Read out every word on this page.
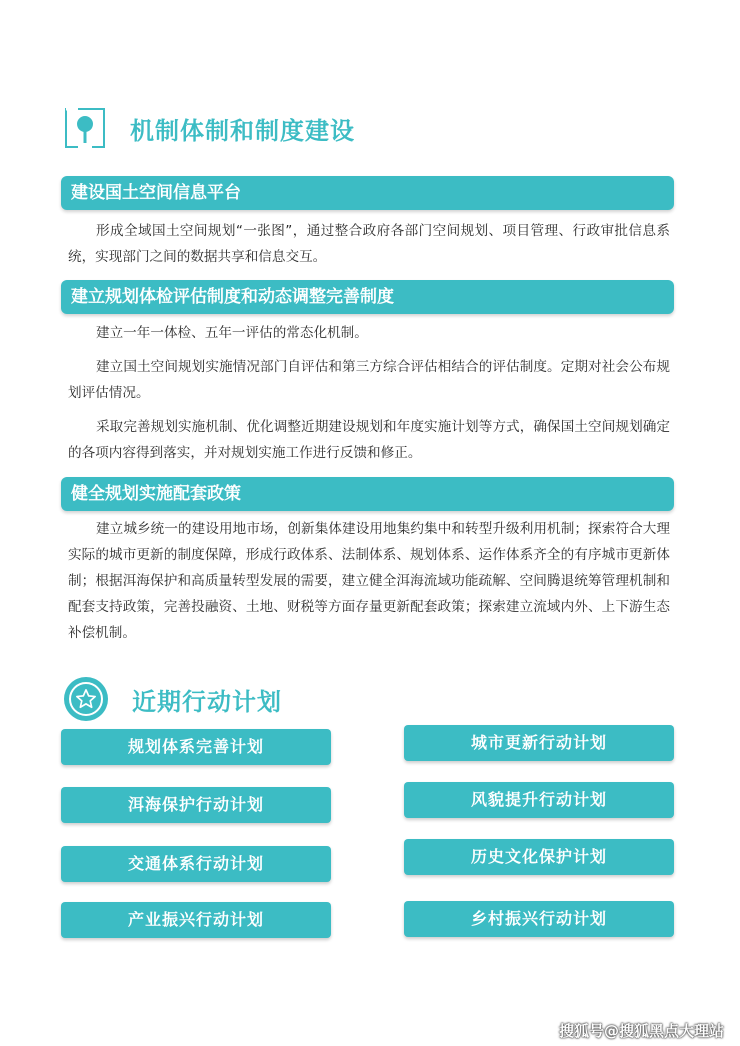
机制体制和制度建设
建设国土空间信息平台

形成全域国土空间规划“一张图”，通过整合政府各部门空间规划、项目管理、行政审批信息系统，实现部门之间的数据共享和信息交互。

建立规划体检评估制度和动态调整完善制度

建立一年一体检、五年一评估的常态化机制。

建立国土空间规划实施情况部门自评估和第三方综合评估相结合的评估制度。定期对社会公布规划评估情况。

采取完善规划实施机制、优化调整近期建设规划和年度实施计划等方式，确保国土空间规划确定的各项内容得到落实，并对规划实施工作进行反馈和修正。

健全规划实施配套政策

建立城乡统一的建设用地市场，创新集体建设用地集约集中和转型升级利用机制；探索符合大理实际的城市更新的制度保障，形成行政体系、法制体系、规划体系、运作体系齐全的有序城市更新体制；根据洱海保护和高质量转型发展的需要，建立健全洱海流域功能疏解、空间腾退统筹管理机制和配套支持政策，完善投融资、土地、财税等方面存量更新配套政策；探索建立流域内外、上下游生态补偿机制。

近期行动计划
规划体系完善计划
洱海保护行动计划
交通体系行动计划
产业振兴行动计划
城市更新行动计划
风貌提升行动计划
历史文化保护计划
乡村振兴行动计划
搜狐号@搜狐黑点大理站
